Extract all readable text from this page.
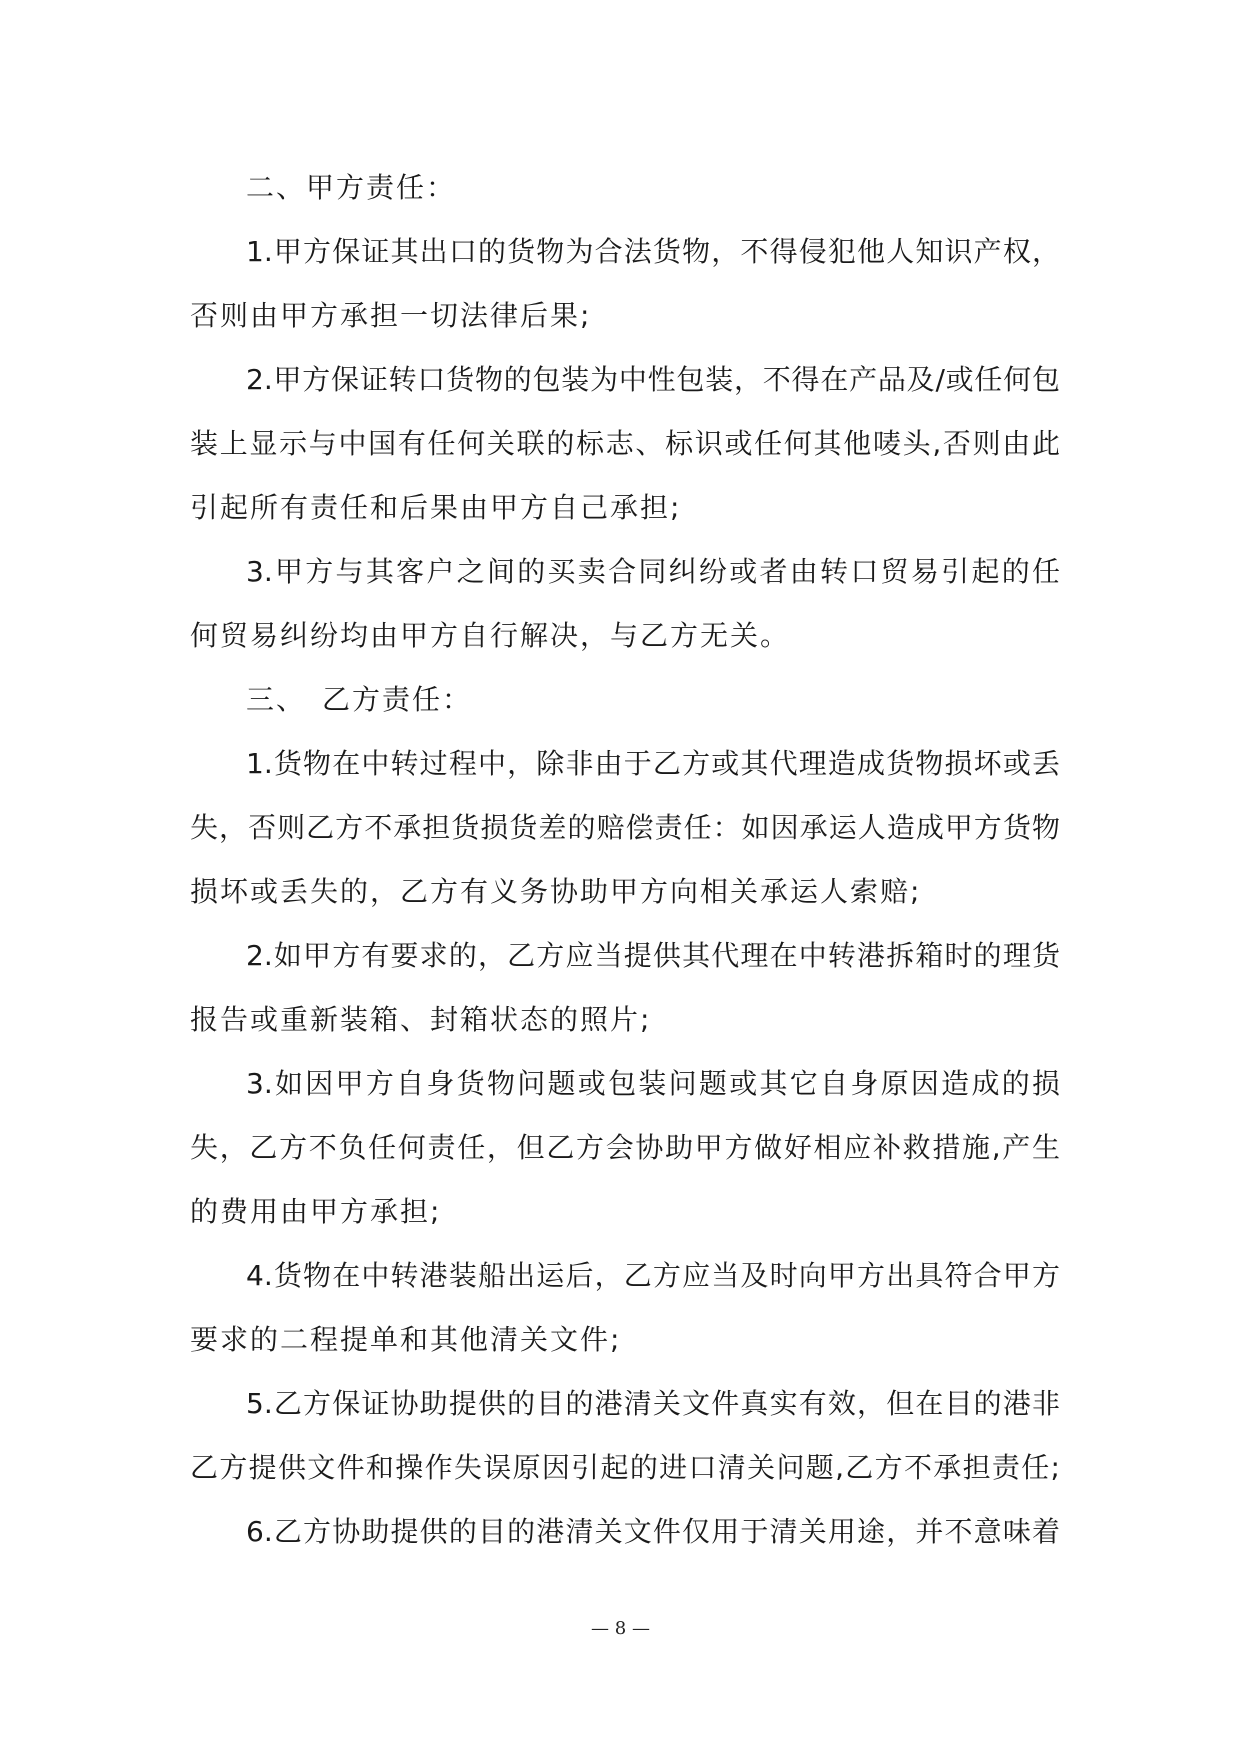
二、甲方责任：
1.甲方保证其出口的货物为合法货物，不得侵犯他人知识产权，
否则由甲方承担一切法律后果;
2.甲方保证转口货物的包装为中性包装，不得在产品及/或任何包
装上显示与中国有任何关联的标志、标识或任何其他唛头,否则由此
引起所有责任和后果由甲方自己承担;
3.甲方与其客户之间的买卖合同纠纷或者由转口贸易引起的任
何贸易纠纷均由甲方自行解决，与乙方无关。
三、　乙方责任：
1.货物在中转过程中，除非由于乙方或其代理造成货物损坏或丢
失，否则乙方不承担货损货差的赔偿责任：如因承运人造成甲方货物
损坏或丢失的，乙方有义务协助甲方向相关承运人索赔;
2.如甲方有要求的，乙方应当提供其代理在中转港拆箱时的理货
报告或重新装箱、封箱状态的照片;
3.如因甲方自身货物问题或包装问题或其它自身原因造成的损
失，乙方不负任何责任，但乙方会协助甲方做好相应补救措施,产生
的费用由甲方承担;
4.货物在中转港装船出运后，乙方应当及时向甲方出具符合甲方
要求的二程提单和其他清关文件;
5.乙方保证协助提供的目的港清关文件真实有效，但在目的港非
乙方提供文件和操作失误原因引起的进口清关问题,乙方不承担责任;
6.乙方协助提供的目的港清关文件仅用于清关用途，并不意味着
— 8 —
